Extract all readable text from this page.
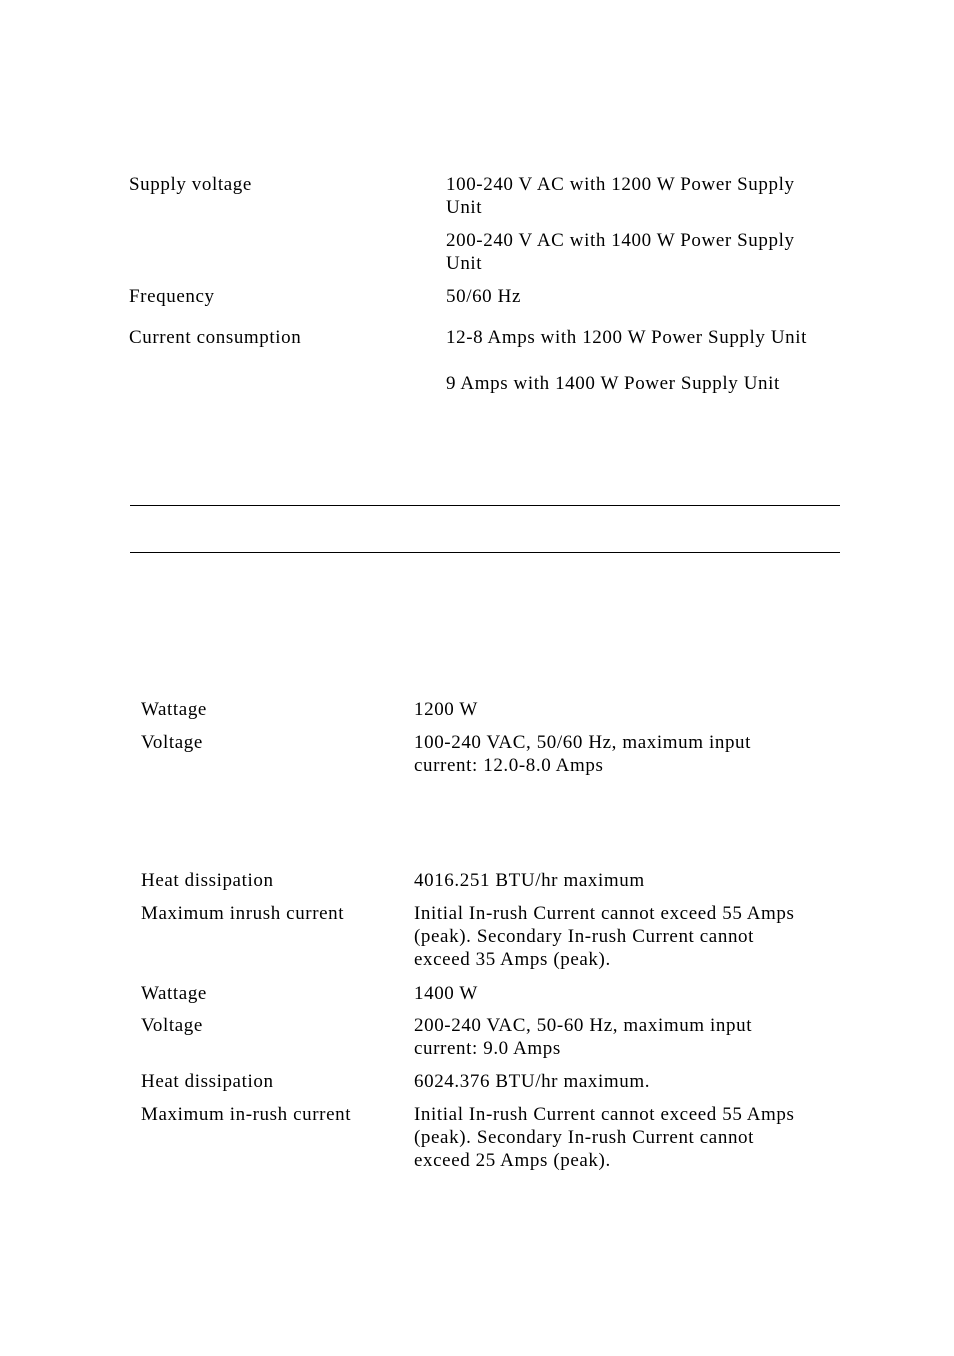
Supply voltage	100-240 V AC with 1200 W Power Supply Unit

200-240 V AC with 1400 W Power Supply Unit

Frequency	50/60 Hz

Current consumption	12-8 Amps with 1200 W Power Supply Unit

9 Amps with 1400 W Power Supply Unit

Wattage	1200 W

Voltage	100-240 VAC, 50/60 Hz, maximum input current: 12.0-8.0 Amps

Heat dissipation	4016.251 BTU/hr maximum

Maximum inrush current	Initial In-rush Current cannot exceed 55 Amps (peak). Secondary In-rush Current cannot exceed 35 Amps (peak).

Wattage	1400 W

Voltage	200-240 VAC, 50-60 Hz, maximum input current: 9.0 Amps

Heat dissipation	6024.376 BTU/hr maximum.

Maximum in-rush current	Initial In-rush Current cannot exceed 55 Amps (peak). Secondary In-rush Current cannot exceed 25 Amps (peak).
